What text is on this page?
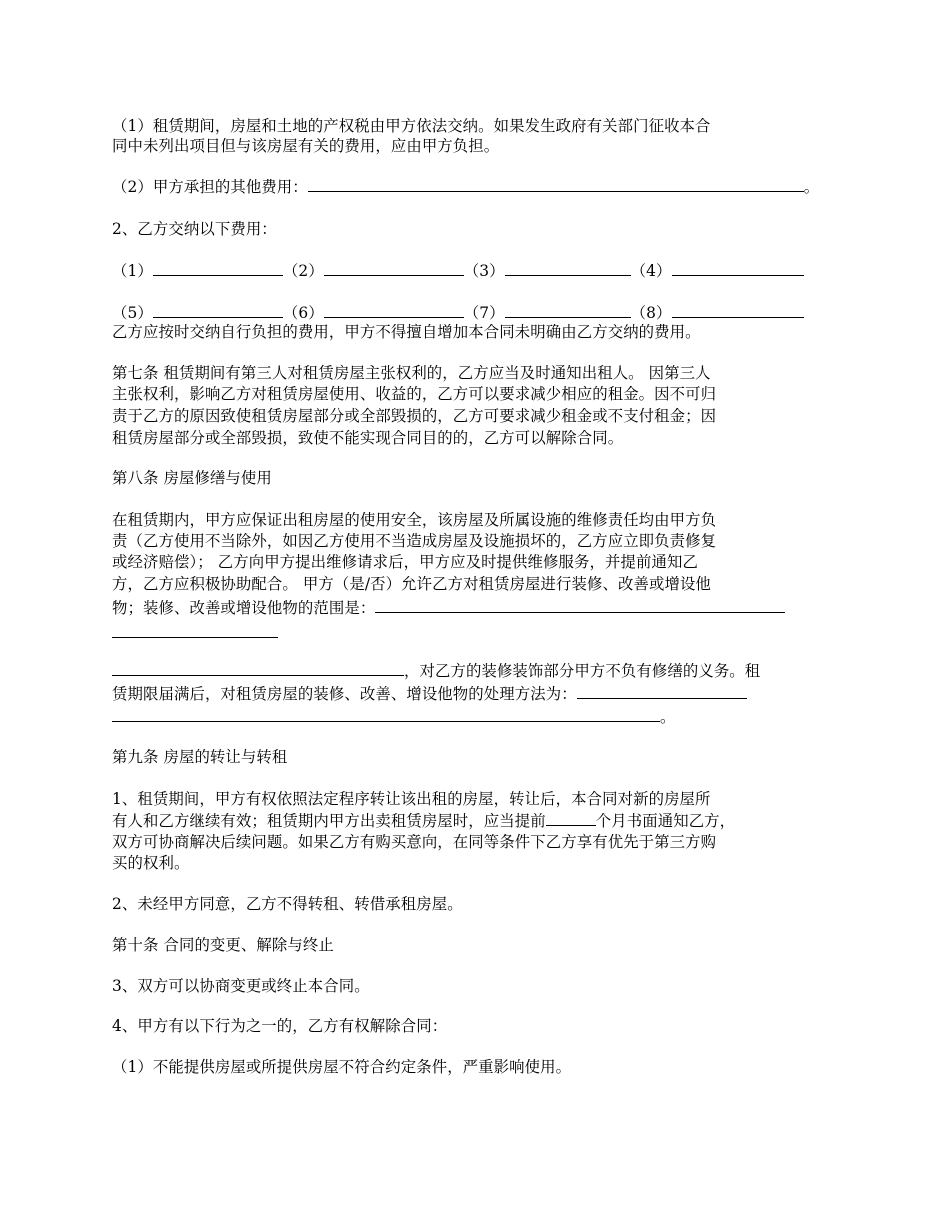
（1）租赁期间，房屋和土地的产权税由甲方依法交纳。如果发生政府有关部门征收本合
同中未列出项目但与该房屋有关的费用，应由甲方负担。
（2）甲方承担的其他费用：	。
2、乙方交纳以下费用：
（1）	（2）	（3）	（4）
（5）	（6）	（7）	（8）
乙方应按时交纳自行负担的费用，甲方不得擅自增加本合同未明确由乙方交纳的费用。
第七条 租赁期间有第三人对租赁房屋主张权利的，乙方应当及时通知出租人。 因第三人
主张权利，影响乙方对租赁房屋使用、收益的，乙方可以要求减少相应的租金。因不可归
责于乙方的原因致使租赁房屋部分或全部毁损的，乙方可要求减少租金或不支付租金；因
租赁房屋部分或全部毁损，致使不能实现合同目的的，乙方可以解除合同。
第八条 房屋修缮与使用
在租赁期内，甲方应保证出租房屋的使用安全，该房屋及所属设施的维修责任均由甲方负
责（乙方使用不当除外，如因乙方使用不当造成房屋及设施损坏的，乙方应立即负责修复
或经济赔偿）； 乙方向甲方提出维修请求后，甲方应及时提供维修服务，并提前通知乙
方，乙方应积极协助配合。 甲方（是/否）允许乙方对租赁房屋进行装修、改善或增设他
物；装修、改善或增设他物的范围是：
，对乙方的装修装饰部分甲方不负有修缮的义务。租
赁期限届满后，对租赁房屋的装修、改善、增设他物的处理方法为：
。
第九条 房屋的转让与转租
1、租赁期间，甲方有权依照法定程序转让该出租的房屋，转让后，本合同对新的房屋所
有人和乙方继续有效；租赁期内甲方出卖租赁房屋时，应当提前	个月书面通知乙方，
双方可协商解决后续问题。如果乙方有购买意向，在同等条件下乙方享有优先于第三方购
买的权利。
2、未经甲方同意，乙方不得转租、转借承租房屋。
第十条 合同的变更、解除与终止
3、双方可以协商变更或终止本合同。
4、甲方有以下行为之一的，乙方有权解除合同：
（1）不能提供房屋或所提供房屋不符合约定条件，严重影响使用。
